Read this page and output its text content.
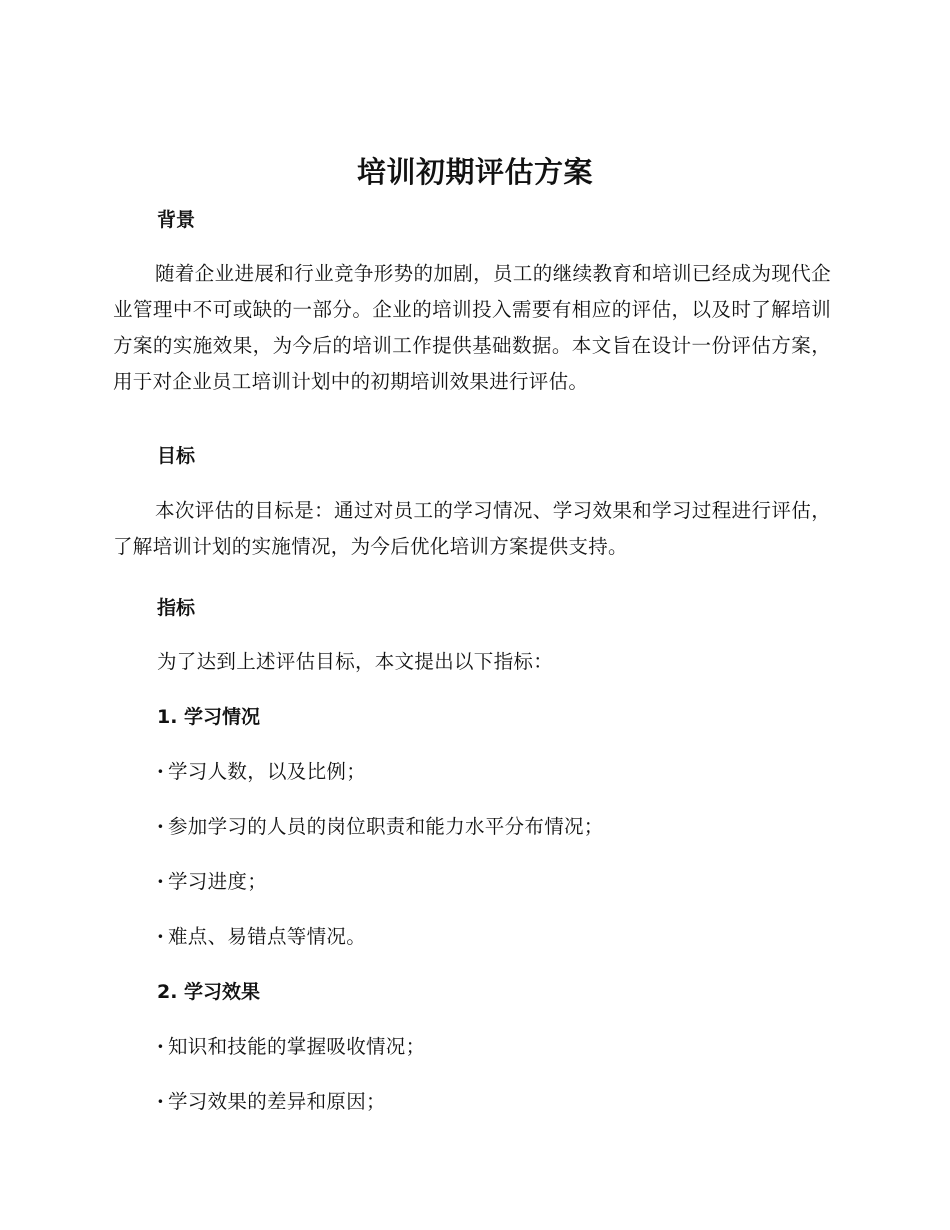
培训初期评估方案
背景

随着企业进展和行业竞争形势的加剧，员工的继续教育和培训已经成为现代企业管理中不可或缺的一部分。企业的培训投入需要有相应的评估，以及时了解培训方案的实施效果，为今后的培训工作提供基础数据。本文旨在设计一份评估方案，用于对企业员工培训计划中的初期培训效果进行评估。

目标

本次评估的目标是：通过对员工的学习情况、学习效果和学习过程进行评估，了解培训计划的实施情况，为今后优化培训方案提供支持。

指标

为了达到上述评估目标，本文提出以下指标：

1. 学习情况

· 学习人数，以及比例；

· 参加学习的人员的岗位职责和能力水平分布情况；

· 学习进度；

· 难点、易错点等情况。

2. 学习效果

· 知识和技能的掌握吸收情况；

· 学习效果的差异和原因；
